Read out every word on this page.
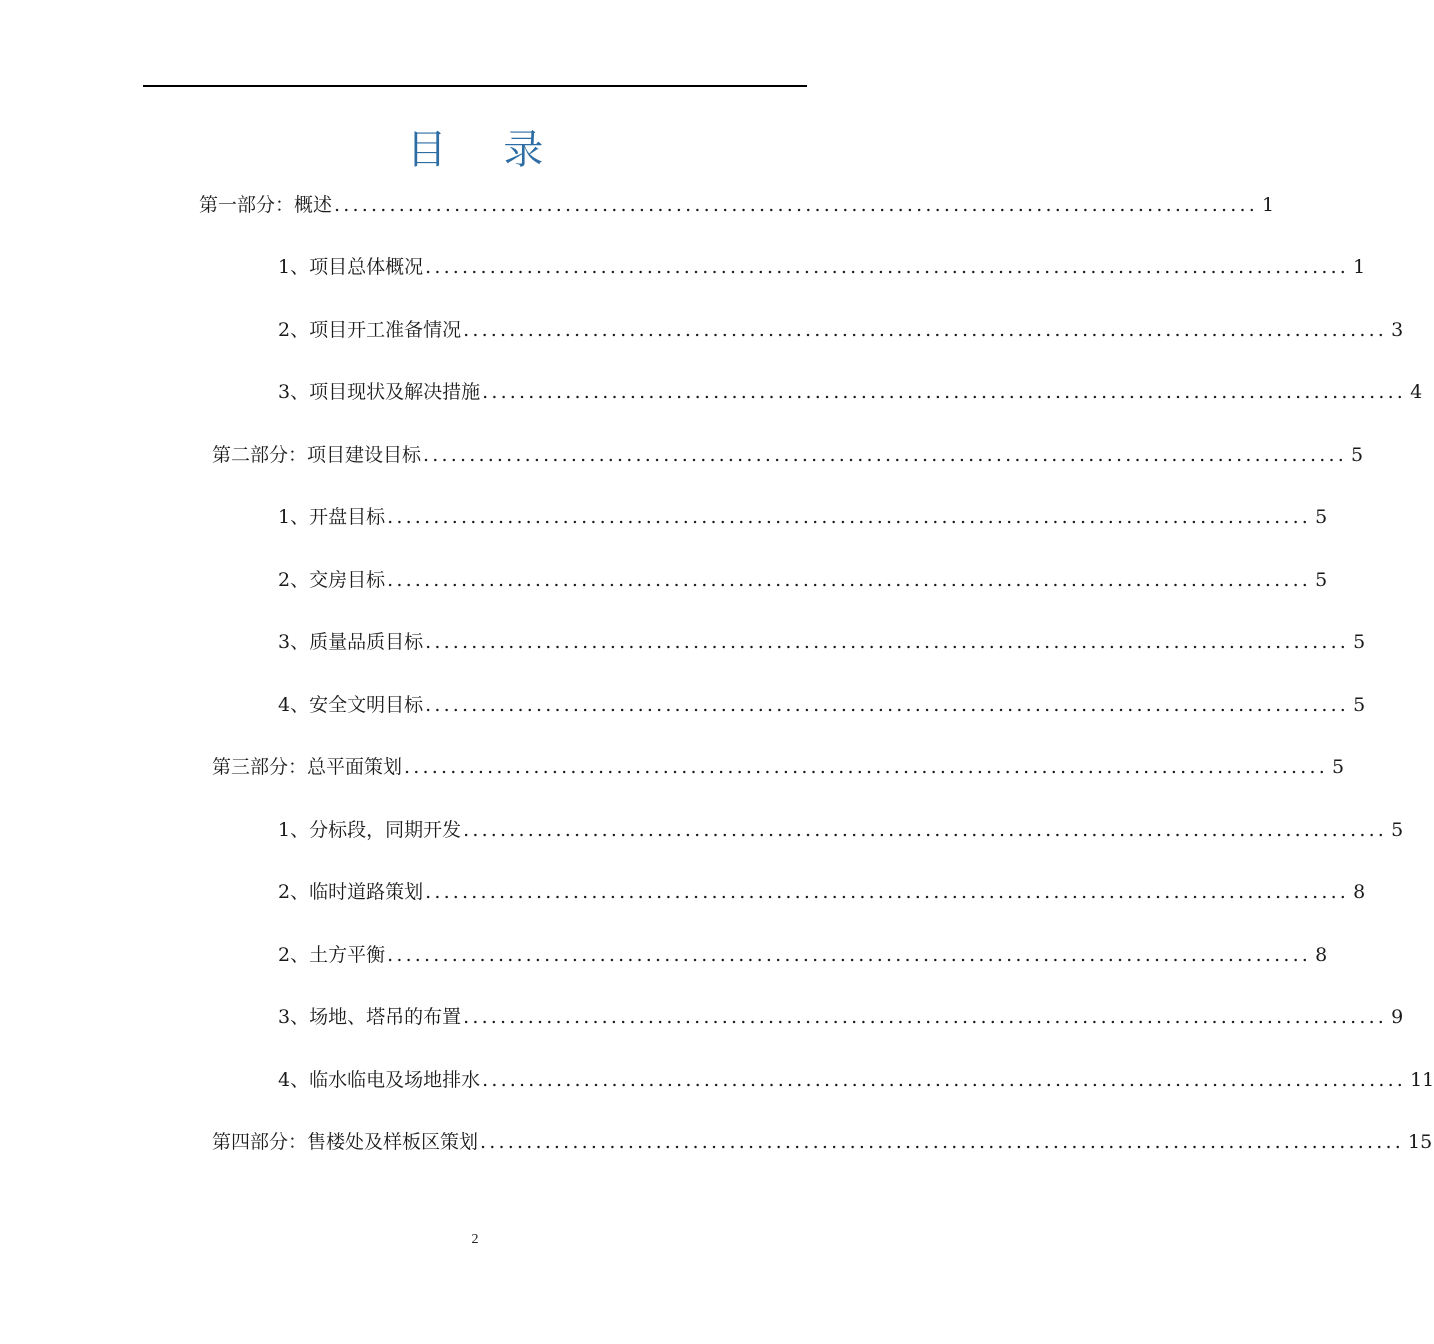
目 录
第一部分：概述 .................................................................................................... 1
1、项目总体概况 .................................................................................................... 1
2、项目开工准备情况 .................................................................................................... 3
3、项目现状及解决措施 .................................................................................................... 4
第二部分：项目建设目标 .................................................................................................... 5
1、开盘目标 .................................................................................................... 5
2、交房目标 .................................................................................................... 5
3、质量品质目标 .................................................................................................... 5
4、安全文明目标 .................................................................................................... 5
第三部分：总平面策划 .................................................................................................... 5
1、分标段，同期开发 .................................................................................................... 5
2、临时道路策划 .................................................................................................... 8
2、土方平衡 .................................................................................................... 8
3、场地、塔吊的布置 .................................................................................................... 9
4、临水临电及场地排水 .................................................................................................... 11
第四部分：售楼处及样板区策划 .................................................................................................... 15
2
